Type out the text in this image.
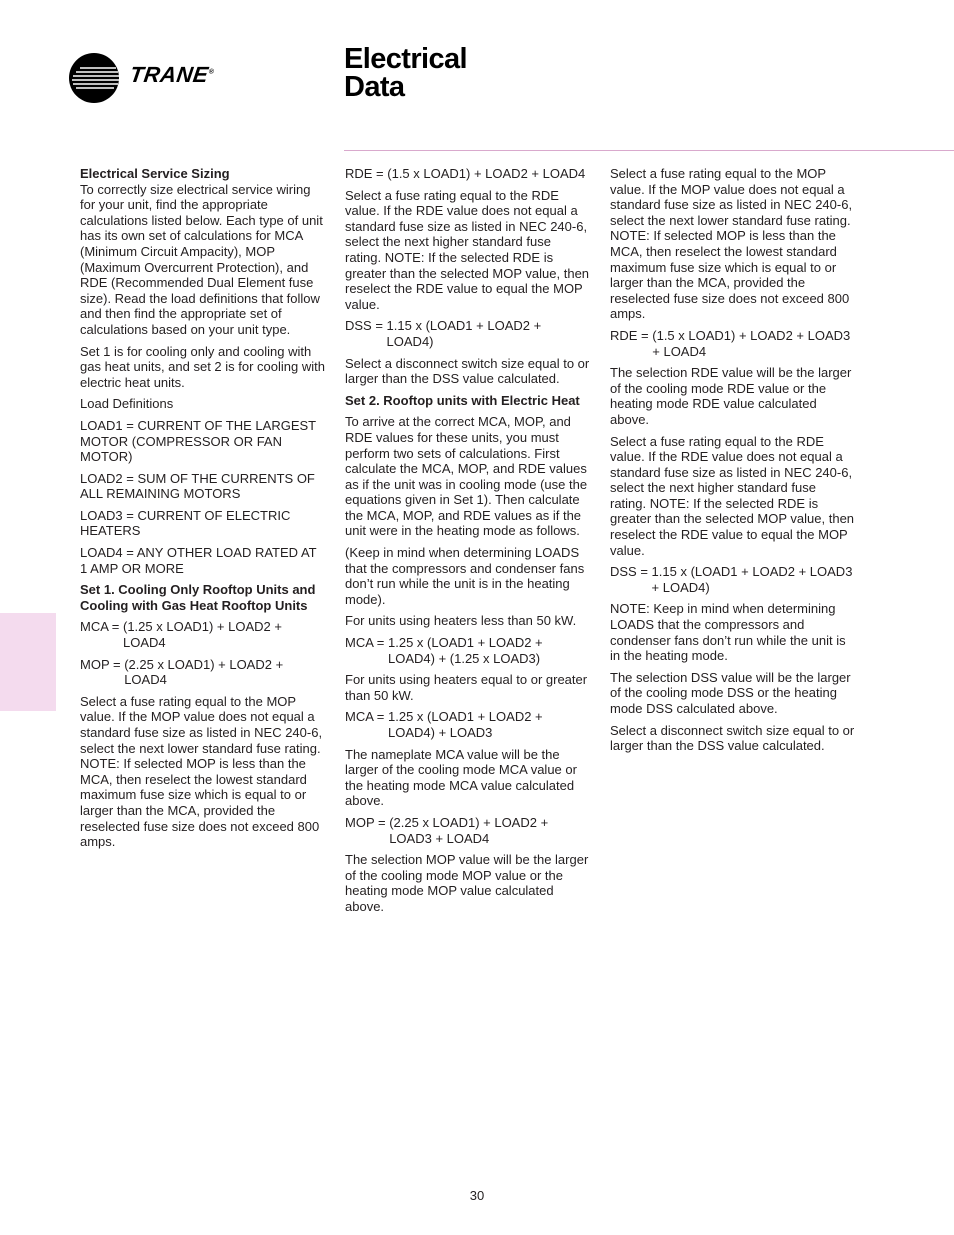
TRANE®	Electrical
Data

Electrical Service Sizing

To correctly size electrical service wiring for your unit, find the appropriate calculations listed below. Each type of unit has its own set of calculations for MCA (Minimum Circuit Ampacity), MOP (Maximum Overcurrent Protection), and RDE (Recommended Dual Element fuse size). Read the load definitions that follow and then find the appropriate set of calculations based on your unit type.

Set 1 is for cooling only and cooling with gas heat units, and set 2 is for cooling with electric heat units.

Load Definitions

LOAD1 = CURRENT OF THE LARGEST MOTOR (COMPRESSOR OR FAN MOTOR)

LOAD2 = SUM OF THE CURRENTS OF ALL REMAINING MOTORS

LOAD3 = CURRENT OF ELECTRIC HEATERS

LOAD4 = ANY OTHER LOAD RATED AT 1 AMP OR MORE

Set 1. Cooling Only Rooftop Units and Cooling with Gas Heat Rooftop Units

MCA = (1.25 x LOAD1) + LOAD2 + LOAD4
MOP = (2.25 x LOAD1) + LOAD2 + LOAD4

Select a fuse rating equal to the MOP value. If the MOP value does not equal a standard fuse size as listed in NEC 240-6, select the next lower standard fuse rating. NOTE: If selected MOP is less than the MCA, then reselect the lowest standard maximum fuse size which is equal to or larger than the MCA, provided the reselected fuse size does not exceed 800 amps.

RDE = (1.5 x LOAD1) + LOAD2 + LOAD4

Select a fuse rating equal to the RDE value. If the RDE value does not equal a standard fuse size as listed in NEC 240-6, select the next higher standard fuse rating. NOTE: If the selected RDE is greater than the selected MOP value, then reselect the RDE value to equal the MOP value.

DSS = 1.15 x (LOAD1 + LOAD2 + LOAD4)

Select a disconnect switch size equal to or larger than the DSS value calculated.

Set 2. Rooftop units with Electric Heat

To arrive at the correct MCA, MOP, and RDE values for these units, you must perform two sets of calculations. First calculate the MCA, MOP, and RDE values as if the unit was in cooling mode (use the equations given in Set 1). Then calculate the MCA, MOP, and RDE values as if the unit were in the heating mode as follows.

(Keep in mind when determining LOADS that the compressors and condenser fans don’t run while the unit is in the heating mode).

For units using heaters less than 50 kW.

MCA = 1.25 x (LOAD1 + LOAD2 + LOAD4) + (1.25 x LOAD3)

For units using heaters equal to or greater than 50 kW.

MCA = 1.25 x (LOAD1 + LOAD2 + LOAD4) + LOAD3

The nameplate MCA value will be the larger of the cooling mode MCA value or the heating mode MCA value calculated above.

MOP = (2.25 x LOAD1) + LOAD2 + LOAD3 + LOAD4

The selection MOP value will be the larger of the cooling mode MOP value or the heating mode MOP value calculated above.

Select a fuse rating equal to the MOP value. If the MOP value does not equal a standard fuse size as listed in NEC 240-6, select the next lower standard fuse rating. NOTE: If selected MOP is less than the MCA, then reselect the lowest standard maximum fuse size which is equal to or larger than the MCA, provided the reselected fuse size does not exceed 800 amps.

RDE = (1.5 x LOAD1) + LOAD2 + LOAD3 + LOAD4

The selection RDE value will be the larger of the cooling mode RDE value or the heating mode RDE value calculated above.

Select a fuse rating equal to the RDE value. If the RDE value does not equal a standard fuse size as listed in NEC 240-6, select the next higher standard fuse rating. NOTE: If the selected RDE is greater than the selected MOP value, then reselect the RDE value to equal the MOP value.

DSS = 1.15 x (LOAD1 + LOAD2 + LOAD3 + LOAD4)

NOTE: Keep in mind when determining LOADS that the compressors and condenser fans don’t run while the unit is in the heating mode.

The selection DSS value will be the larger of the cooling mode DSS or the heating mode DSS calculated above.

Select a disconnect switch size equal to or larger than the DSS value calculated.

30
